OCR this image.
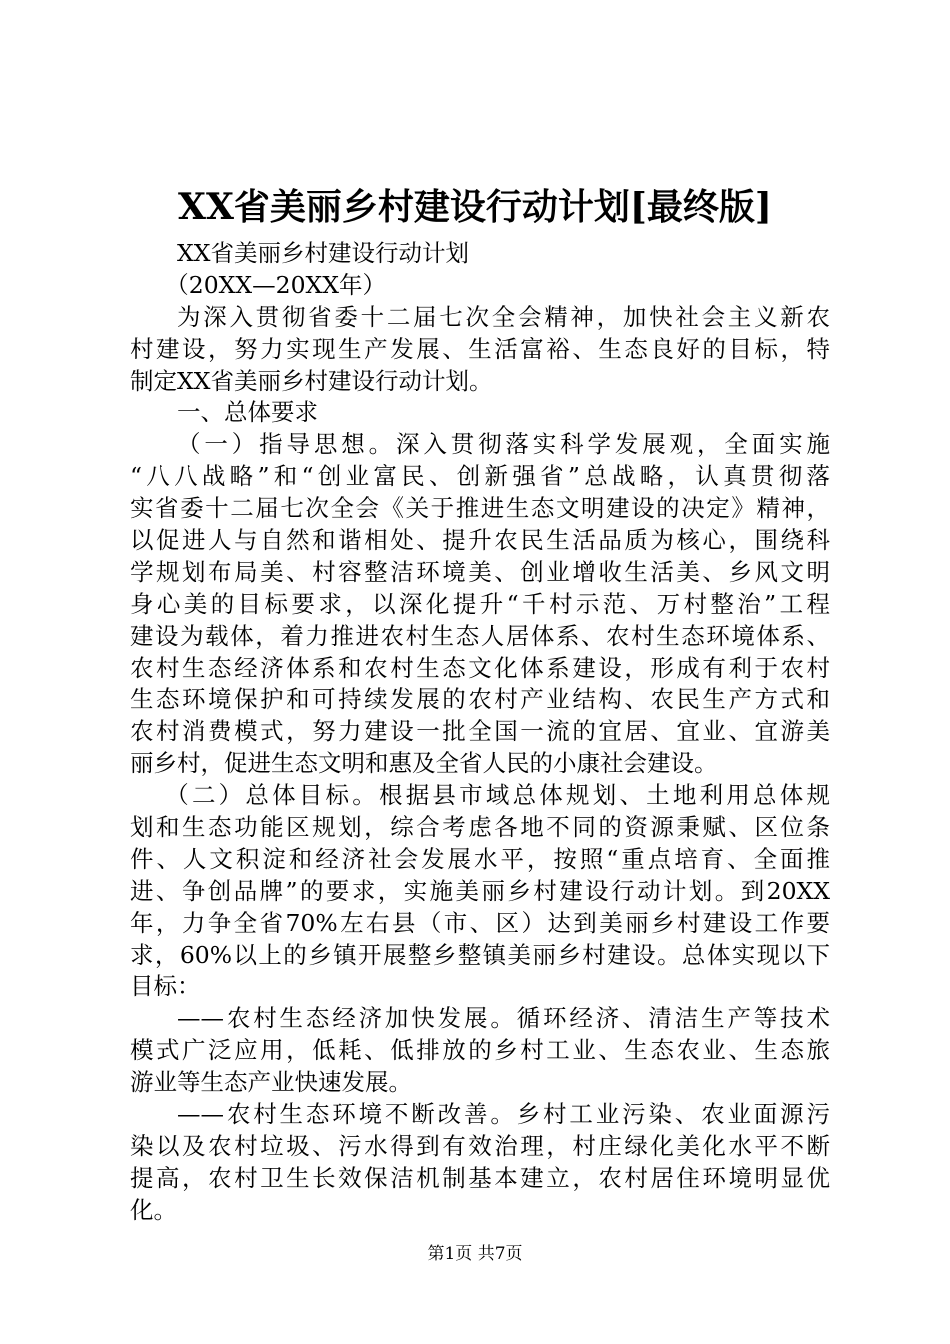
XX省美丽乡村建设行动计划[最终版]
XX省美丽乡村建设行动计划
（20XX—20XX年）
为深入贯彻省委十二届七次全会精神，加快社会主义新农
村建设，努力实现生产发展、生活富裕、生态良好的目标，特
制定XX省美丽乡村建设行动计划。
一、总体要求
（一）指导思想。深入贯彻落实科学发展观，全面实施
“八八战略”和“创业富民、创新强省”总战略，认真贯彻落
实省委十二届七次全会《关于推进生态文明建设的决定》精神，
以促进人与自然和谐相处、提升农民生活品质为核心，围绕科
学规划布局美、村容整洁环境美、创业增收生活美、乡风文明
身心美的目标要求，以深化提升“千村示范、万村整治”工程
建设为载体，着力推进农村生态人居体系、农村生态环境体系、
农村生态经济体系和农村生态文化体系建设，形成有利于农村
生态环境保护和可持续发展的农村产业结构、农民生产方式和
农村消费模式，努力建设一批全国一流的宜居、宜业、宜游美
丽乡村，促进生态文明和惠及全省人民的小康社会建设。
（二）总体目标。根据县市域总体规划、土地利用总体规
划和生态功能区规划，综合考虑各地不同的资源秉赋、区位条
件、人文积淀和经济社会发展水平，按照“重点培育、全面推
进、争创品牌”的要求，实施美丽乡村建设行动计划。到20XX
年，力争全省70%左右县（市、区）达到美丽乡村建设工作要
求，60%以上的乡镇开展整乡整镇美丽乡村建设。总体实现以下
目标：
——农村生态经济加快发展。循环经济、清洁生产等技术
模式广泛应用，低耗、低排放的乡村工业、生态农业、生态旅
游业等生态产业快速发展。
——农村生态环境不断改善。乡村工业污染、农业面源污
染以及农村垃圾、污水得到有效治理，村庄绿化美化水平不断
提高，农村卫生长效保洁机制基本建立，农村居住环境明显优
化。
第1页 共7页
